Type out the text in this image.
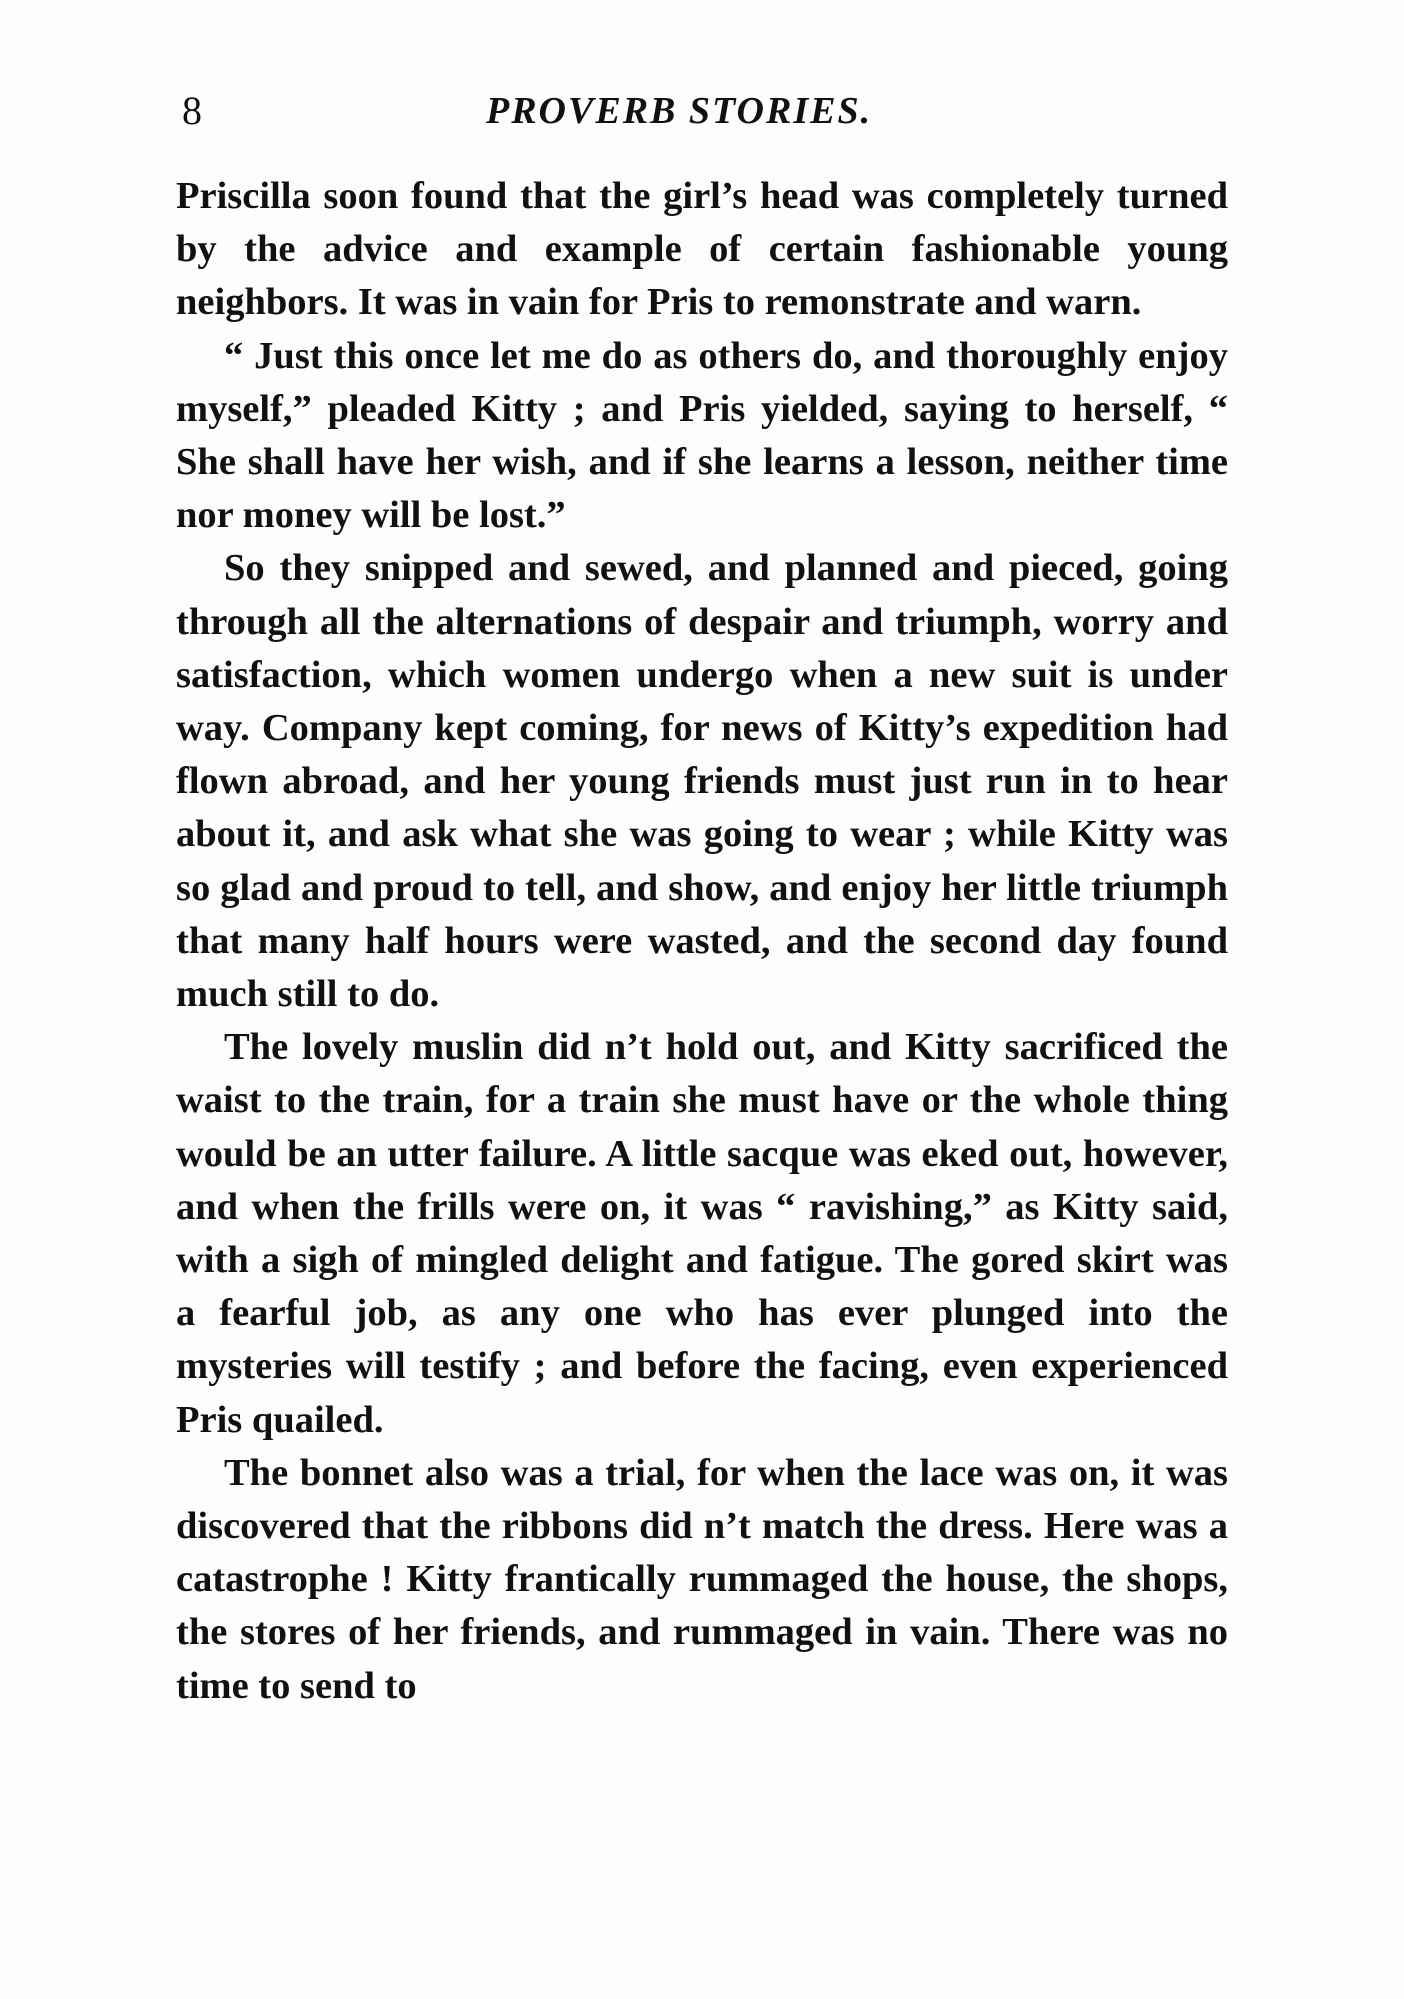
8	PROVERB STORIES.

Priscilla soon found that the girl’s head was completely turned by the advice and example of certain fashionable young neighbors. It was in vain for Pris to remonstrate and warn.

“ Just this once let me do as others do, and thoroughly enjoy myself,” pleaded Kitty ; and Pris yielded, saying to herself, “ She shall have her wish, and if she learns a lesson, neither time nor money will be lost.”

So they snipped and sewed, and planned and pieced, going through all the alternations of despair and triumph, worry and satisfaction, which women undergo when a new suit is under way. Company kept coming, for news of Kitty’s expedition had flown abroad, and her young friends must just run in to hear about it, and ask what she was going to wear ; while Kitty was so glad and proud to tell, and show, and enjoy her little triumph that many half hours were wasted, and the second day found much still to do.

The lovely muslin did n’t hold out, and Kitty sacrificed the waist to the train, for a train she must have or the whole thing would be an utter failure. A little sacque was eked out, however, and when the frills were on, it was “ ravishing,” as Kitty said, with a sigh of mingled delight and fatigue. The gored skirt was a fearful job, as any one who has ever plunged into the mysteries will testify ; and before the facing, even experienced Pris quailed.

The bonnet also was a trial, for when the lace was on, it was discovered that the ribbons did n’t match the dress. Here was a catastrophe ! Kitty frantically rummaged the house, the shops, the stores of her friends, and rummaged in vain. There was no time to send to
